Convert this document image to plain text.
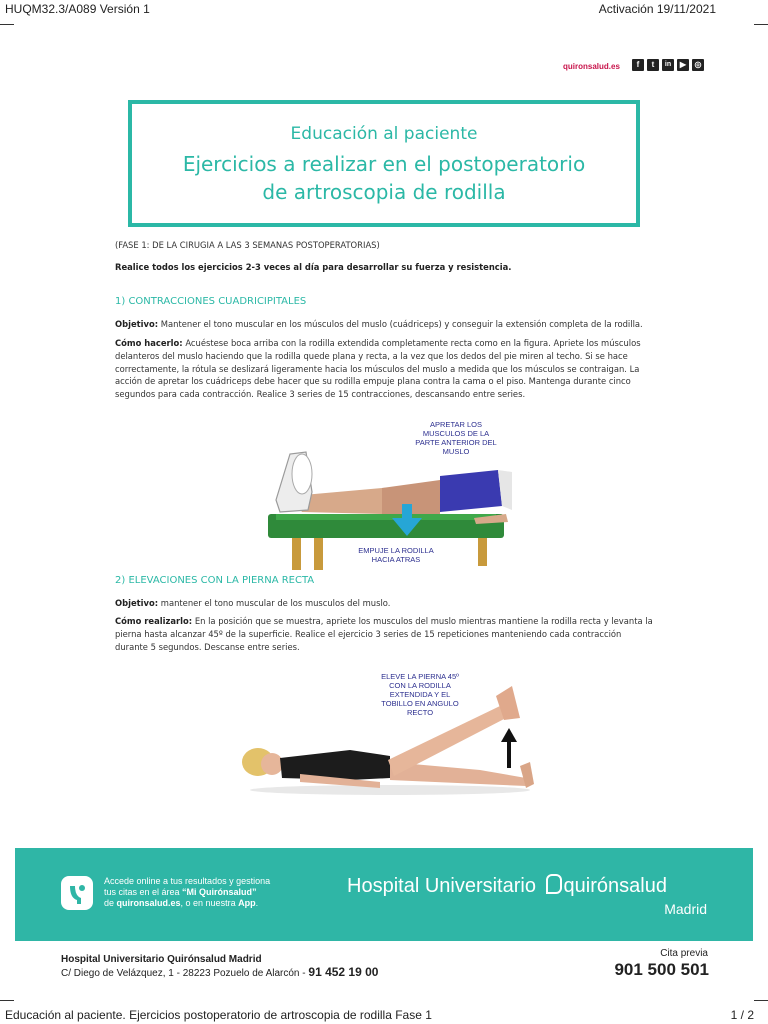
HUQM32.3/A089 Versión 1	Activación 19/11/2021
quironsalud.es	f	t	in	▶	◎
Educación al paciente
Ejercicios a realizar en el postoperatorio
de artroscopia de rodilla
(FASE 1: DE LA CIRUGIA A LAS 3 SEMANAS POSTOPERATORIAS)
Realice todos los ejercicios 2-3 veces al día para desarrollar su fuerza y resistencia.
1) CONTRACCIONES CUADRICIPITALES
Objetivo: Mantener el tono muscular en los músculos del muslo (cuádriceps) y conseguir la extensión completa de la rodilla.
Cómo hacerlo: Acuéstese boca arriba con la rodilla extendida completamente recta como en la figura. Apriete los músculos delanteros del muslo haciendo que la rodilla quede plana y recta, a la vez que los dedos del pie miren al techo. Si se hace correctamente, la rótula se deslizará ligeramente hacia los músculos del muslo a medida que los músculos se contraigan. La acción de apretar los cuádriceps debe hacer que su rodilla empuje plana contra la cama o el piso. Mantenga durante cinco segundos para cada contracción. Realice 3 series de 15 contracciones, descansando entre series.
APRETAR LOS MUSCULOS DE LA PARTE ANTERIOR DEL MUSLO
EMPUJE LA RODILLA HACIA ATRAS
2) ELEVACIONES CON LA PIERNA RECTA
Objetivo: mantener el tono muscular de los musculos del muslo.
Cómo realizarlo: En la posición que se muestra, apriete los musculos del muslo mientras mantiene la rodilla recta y levanta la pierna hasta alcanzar 45º de la superficie. Realice el ejercicio 3 series de 15 repeticiones manteniendo cada contracción durante 5 segundos. Descanse entre series.
ELEVE LA PIERNA 45º CON LA RODILLA EXTENDIDA Y EL TOBILLO EN ANGULO RECTO
Accede online a tus resultados y gestiona
tus citas en el área “Mi Quirónsalud”
de quironsalud.es, o en nuestra App.
Hospital Universitario quirónsalud
Madrid
Hospital Universitario Quirónsalud Madrid
C/ Diego de Velázquez, 1 - 28223 Pozuelo de Alarcón - 91 452 19 00
Cita previa
901 500 501
Educación al paciente. Ejercicios postoperatorio de artroscopia de rodilla Fase 1	1 / 2
